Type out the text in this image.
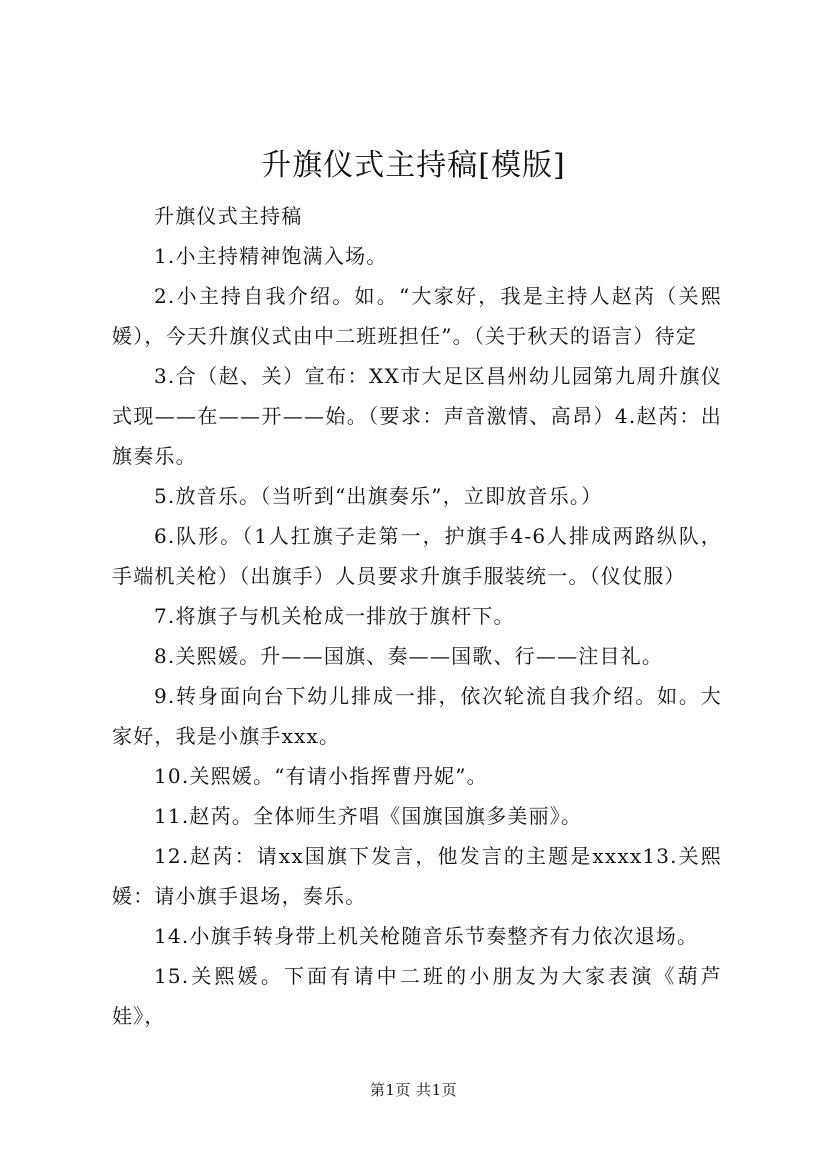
升旗仪式主持稿[模版]

升旗仪式主持稿

1.小主持精神饱满入场。

2.小主持自我介绍。如。“大家好，我是主持人赵芮（关熙媛），今天升旗仪式由中二班班担任”。（关于秋天的语言）待定

3.合（赵、关）宣布：XX市大足区昌州幼儿园第九周升旗仪式现——在——开——始。（要求：声音激情、高昂）4.赵芮：出旗奏乐。

5.放音乐。（当听到“出旗奏乐”，立即放音乐。）

6.队形。（1人扛旗子走第一，护旗手4-6人排成两路纵队，手端机关枪）（出旗手）人员要求升旗手服装统一。（仪仗服）

7.将旗子与机关枪成一排放于旗杆下。

8.关熙媛。升——国旗、奏——国歌、行——注目礼。

9.转身面向台下幼儿排成一排，依次轮流自我介绍。如。大家好，我是小旗手xxx。

10.关熙媛。“有请小指挥曹丹妮”。

11.赵芮。全体师生齐唱《国旗国旗多美丽》。

12.赵芮：请xx国旗下发言，他发言的主题是xxxx13.关熙媛：请小旗手退场，奏乐。

14.小旗手转身带上机关枪随音乐节奏整齐有力依次退场。

15.关熙媛。下面有请中二班的小朋友为大家表演《葫芦娃》，

第1页 共1页
